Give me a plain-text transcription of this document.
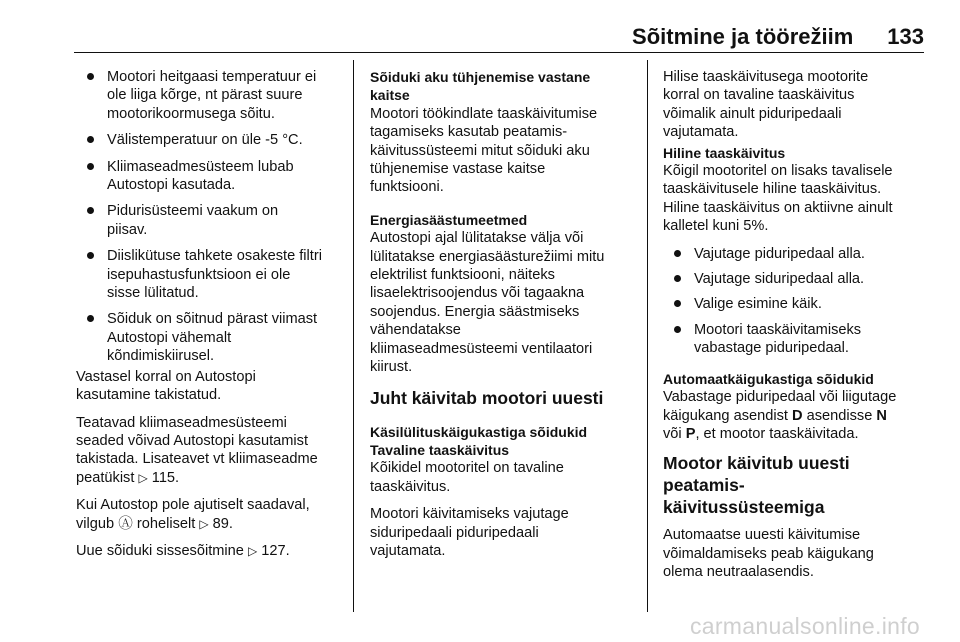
Sõitmine ja töörežiim 133
Mootori heitgaasi temperatuur ei
ole liiga kõrge, nt pärast suure
mootorikoormusega sõitu.
Välistemperatuur on üle -5 °C.
Kliimaseadmesüsteem lubab
Autostopi kasutada.
Pidurisüsteemi vaakum on
piisav.
Diislikütuse tahkete osakeste filtri
isepuhastusfunktsioon ei ole
sisse lülitatud.
Sõiduk on sõitnud pärast viimast
Autostopi vähemalt
kõndimiskiirusel.

Vastasel korral on Autostopi
kasutamine takistatud.

Teatavad kliimaseadmesüsteemi
seaded võivad Autostopi kasutamist
takistada. Lisateavet vt kliimaseadme
peatükist ▷ 115.

Kui Autostop pole ajutiselt saadaval,
vilgub Ⓐ roheliselt ▷ 89.

Uue sõiduki sissesõitmine ▷ 127.

Sõiduki aku tühjenemise vastane
kaitse

Mootori töökindlate taaskäivitumise
tagamiseks kasutab peatamis-
käivitussüsteemi mitut sõiduki aku
tühjenemise vastase kaitse
funktsiooni.

Energiasäästumeetmed

Autostopi ajal lülitatakse välja või
lülitatakse energiasäästurežiimi mitu
elektrilist funktsiooni, näiteks
lisaelektrisoojendus või tagaakna
soojendus. Energia säästmiseks
vähendatakse
kliimaseadmesüsteemi ventilaatori
kiirust.

Juht käivitab mootori uuesti
Käsilülituskäigukastiga sõidukid
Tavaline taaskäivitus

Kõikidel mootoritel on tavaline
taaskäivitus.

Mootori käivitamiseks vajutage
siduripedaali piduripedaali
vajutamata.

Hilise taaskäivitusega mootorite
korral on tavaline taaskäivitus
võimalik ainult piduripedaali
vajutamata.

Hiline taaskäivitus

Kõigil mootoritel on lisaks tavalisele
taaskäivitusele hiline taaskäivitus.
Hiline taaskäivitus on aktiivne ainult
kalletel kuni 5%.

Vajutage piduripedaal alla.
Vajutage siduripedaal alla.
Valige esimine käik.
Mootori taaskäivitamiseks
vabastage piduripedaal.
Automaatkäigukastiga sõidukid

Vabastage piduripedaal või liigutage
käigukang asendist D asendisse N
või P, et mootor taaskäivitada.

Mootor käivitub uuesti peatamis-
käivitussüsteemiga

Automaatse uuesti käivitumise
võimaldamiseks peab käigukang
olema neutraalasendis.

carmanualsonline.info
